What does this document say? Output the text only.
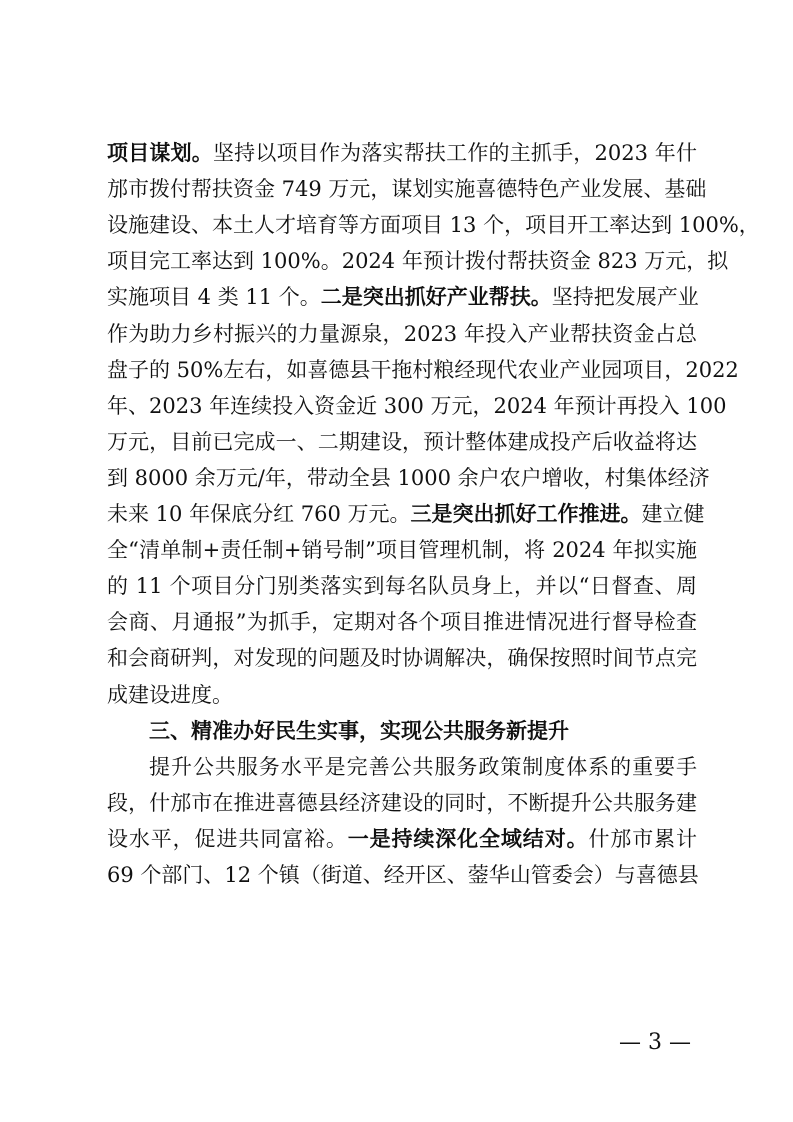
项目谋划。坚持以项目作为落实帮扶工作的主抓手，2023 年什
邡市拨付帮扶资金 749 万元，谋划实施喜德特色产业发展、基础
设施建设、本土人才培育等方面项目 13 个，项目开工率达到 100%，
项目完工率达到 100%。2024 年预计拨付帮扶资金 823 万元，拟
实施项目 4 类 11 个。二是突出抓好产业帮扶。坚持把发展产业
作为助力乡村振兴的力量源泉，2023 年投入产业帮扶资金占总
盘子的 50%左右，如喜德县干拖村粮经现代农业产业园项目，2022
年、2023 年连续投入资金近 300 万元，2024 年预计再投入 100
万元，目前已完成一、二期建设，预计整体建成投产后收益将达
到 8000 余万元/年，带动全县 1000 余户农户增收，村集体经济
未来 10 年保底分红 760 万元。三是突出抓好工作推进。建立健
全“清单制+责任制+销号制”项目管理机制，将 2024 年拟实施
的 11 个项目分门别类落实到每名队员身上，并以“日督查、周
会商、月通报”为抓手，定期对各个项目推进情况进行督导检查
和会商研判，对发现的问题及时协调解决，确保按照时间节点完
成建设进度。
三、精准办好民生实事，实现公共服务新提升
提升公共服务水平是完善公共服务政策制度体系的重要手
段，什邡市在推进喜德县经济建设的同时，不断提升公共服务建
设水平，促进共同富裕。一是持续深化全域结对。什邡市累计
69 个部门、12 个镇（街道、经开区、蓥华山管委会）与喜德县
— 3 —
